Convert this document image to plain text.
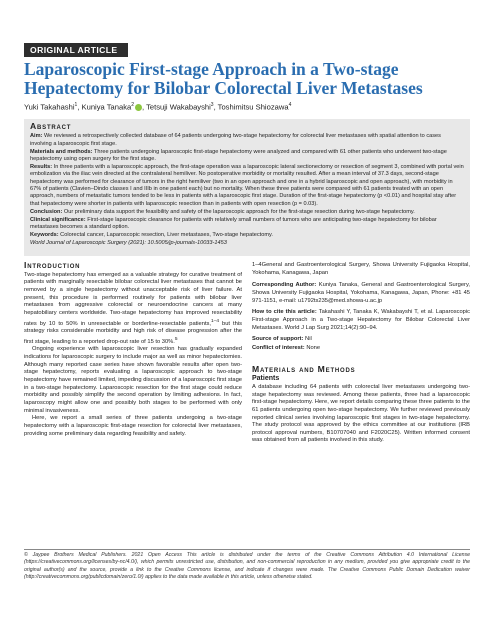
ORIGINAL ARTICLE
Laparoscopic First-stage Approach in a Two-stage Hepatectomy for Bilobar Colorectal Liver Metastases
Yuki Takahashi$^1$, Kuniya Tanaka$^2$ , Tetsuji Wakabayshi$^3$, Toshimitsu Shiozawa$^4$
Abstract

Aim: We reviewed a retrospectively collected database of 64 patients undergoing two-stage hepatectomy for colorectal liver metastases with spatial attention to cases involving a laparoscopic first stage.

Materials and methods: Three patients undergoing laparoscopic first-stage hepatectomy were analyzed and compared with 61 other patients who underwent two-stage hepatectomy using open surgery for the first stage.

Results: In three patients with a laparoscopic approach, the first-stage operation was a laparoscopic lateral sectionectomy or resection of segment 3, combined with portal vein embolization via the iliac vein directed at the contralateral hemiliver. No postoperative morbidity or mortality resulted. After a mean interval of 37.3 days, second-stage hepatectomy was performed for clearance of tumors in the right hemiliver (two in an open approach and one in a hybrid laparoscopic and open approach), with morbidity in 67% of patients (Clavien–Dindo classes I and IIIb in one patient each) but no mortality. When these three patients were compared with 61 patients treated with an open approach, numbers of metastatic tumors tended to be less in patients with a laparoscopic first stage. Duration of the first-stage hepatectomy (p <0.01) and hospital stay after that hepatectomy were shorter in patients with laparoscopic resection than in patients with open resection (p = 0.03).

Conclusion: Our preliminary data support the feasibility and safety of the laparoscopic approach for the first-stage resection during two-stage hepatectomy.

Clinical significance: First-stage laparoscopic clearance for patients with relatively small numbers of tumors who are anticipating two-stage hepatectomy for bilobar metastases becomes a standard option.

Keywords: Colorectal cancer, Laparoscopic resection, Liver metastases, Two-stage hepatectomy.

World Journal of Laparoscopic Surgery (2021): 10.5005/jp-journals-10033-1453

Introduction

Two-stage hepatectomy has emerged as a valuable strategy for curative treatment of patients with marginally resectable bilobar colorectal liver metastases that cannot be removed by a single hepatectomy without unacceptable risk of liver failure. At present, this procedure is performed routinely for patients with bilobar liver metastases from aggressive colorectal or neuroendocrine cancers at many hepatobiliary centers worldwide. Two-stage hepatectomy has improved resectability rates by 10 to 50% in unresectable or borderline-resectable patients,$^{1-4}$ but this strategy risks considerable morbidity and high risk of disease progression after the first stage, leading to a reported drop-out rate of 15 to 30%.$^5$

Ongoing experience with laparoscopic liver resection has gradually expanded indications for laparoscopic surgery to include major as well as minor hepatectomies. Although many reported case series have shown favorable results after open two-stage hepatectomy, reports evaluating a laparoscopic approach to two-stage hepatectomy have remained limited, impeding discussion of a laparoscopic first stage in a two-stage hepatectomy. Laparoscopic resection for the first stage could reduce morbidity and possibly simplify the second operation by limiting adhesions. In fact, laparoscopy might allow one and possibly both stages to be performed with only minimal invasiveness.

Here, we report a small series of three patients undergoing a two-stage hepatectomy with a laparoscopic first-stage resection for colorectal liver metastases, providing some preliminary data regarding feasibility and safety.

1–4General and Gastroenterological Surgery, Showa University Fujigaoka Hospital, Yokohama, Kanagawa, Japan

Corresponding Author: Kuniya Tanaka, General and Gastroenterological Surgery, Showa University Fujigaoka Hospital, Yokohama, Kanagawa, Japan, Phone: +81 45 971-1151, e-mail: u1792ts235@med.showa-u.ac.jp

How to cite this article: Takahashi Y, Tanaka K, Wakabayshi T, et al. Laparoscopic First-stage Approach in a Two-stage Hepatectomy for Bilobar Colorectal Liver Metastases. World J Lap Surg 2021;14(2):90–94.

Source of support: Nil

Conflict of interest: None

Materials and Methods
Patients

A database including 64 patients with colorectal liver metastases undergoing two-stage hepatectomy was reviewed. Among these patients, three had a laparoscopic first-stage hepatectomy. Here, we report details comparing these three patients to the 61 patients undergoing open two-stage hepatectomy. We further reviewed previously reported clinical series involving laparoscopic first stages in two-stage hepatectomy. The study protocol was approved by the ethics committee at our institutions (IRB protocol approval numbers, B10707040 and F2020C25). Written informed consent was obtained from all patients involved in this study.

© Jaypee Brothers Medical Publishers. 2021 Open Access This article is distributed under the terms of the Creative Commons Attribution 4.0 International License (https://creativecommons.org/licenses/by-nc/4.0/), which permits unrestricted use, distribution, and non-commercial reproduction in any medium, provided you give appropriate credit to the original author(s) and the source, provide a link to the Creative Commons license, and indicate if changes were made. The Creative Commons Public Domain Dedication waiver (http://creativecommons.org/publicdomain/zero/1.0/) applies to the data made available in this article, unless otherwise stated.
